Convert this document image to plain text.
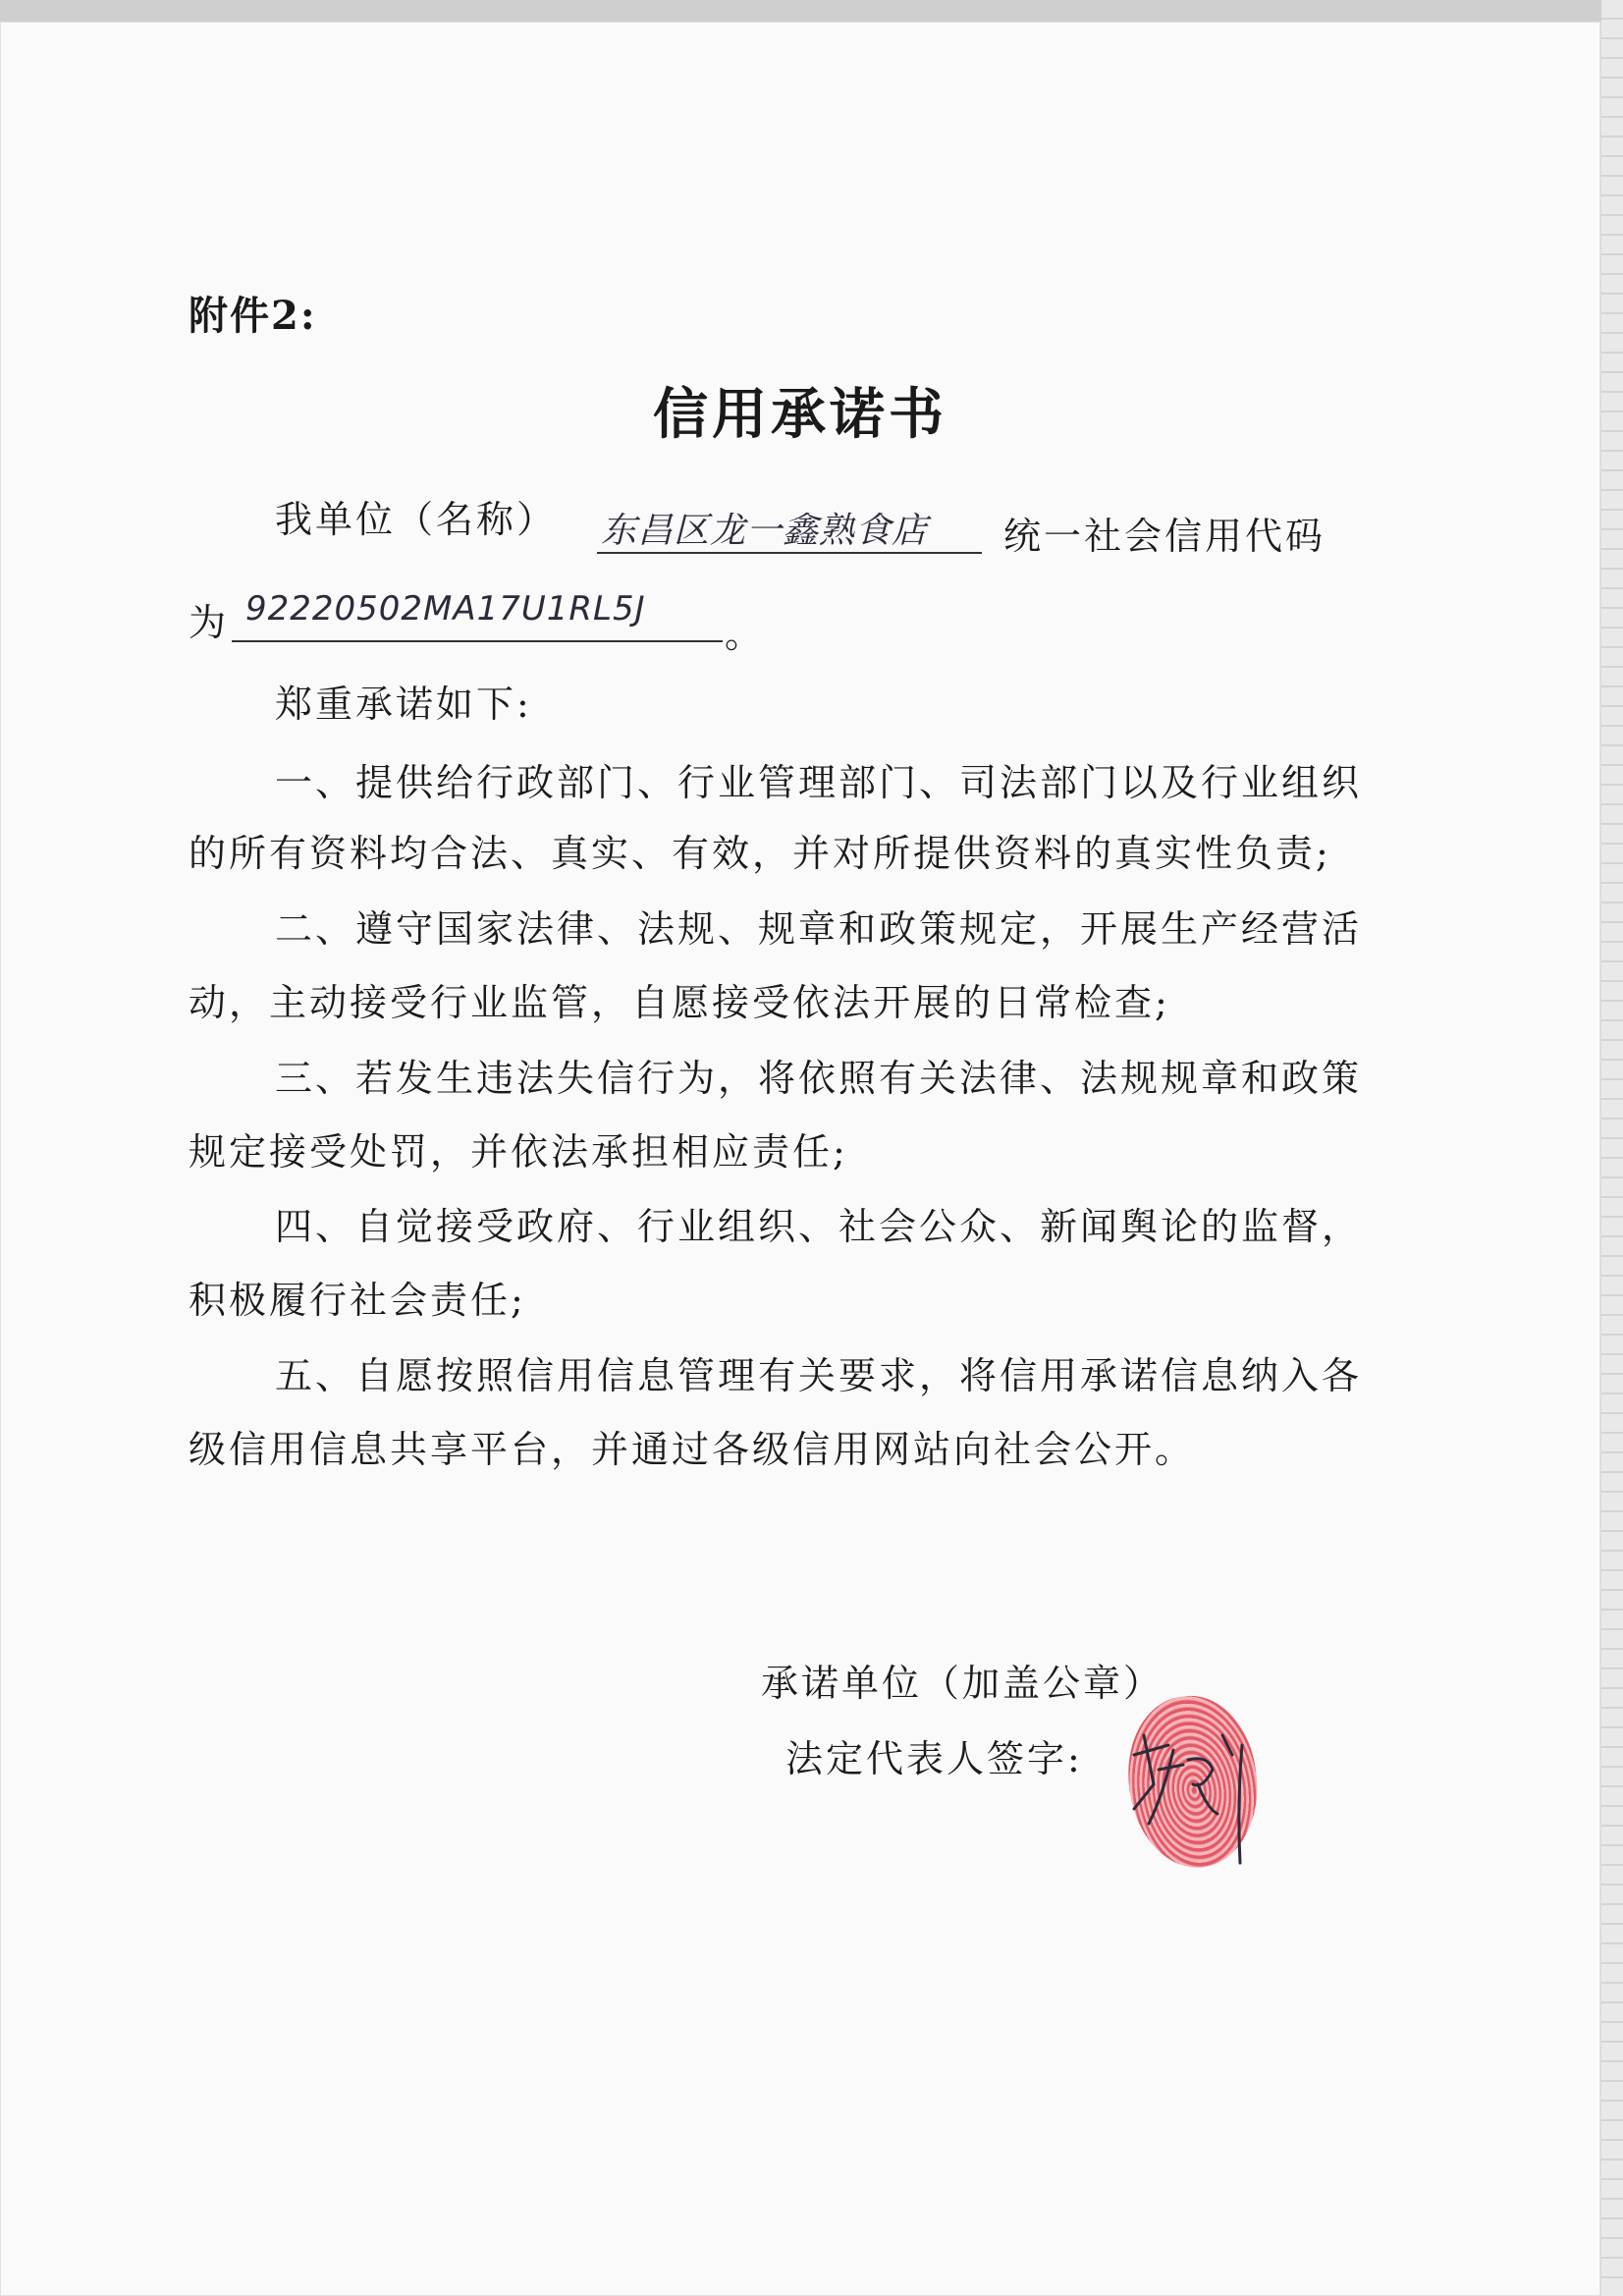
附件2:
信用承诺书
我单位（名称） 东昌区龙一鑫熟食店 统一社会信用代码
为 92220502MA17U1RL5J
。
郑重承诺如下:
一、提供给行政部门、行业管理部门、司法部门以及行业组织
的所有资料均合法、真实、有效，并对所提供资料的真实性负责;
二、遵守国家法律、法规、规章和政策规定，开展生产经营活
动，主动接受行业监管，自愿接受依法开展的日常检查;
三、若发生违法失信行为，将依照有关法律、法规规章和政策
规定接受处罚，并依法承担相应责任;
四、自觉接受政府、行业组织、社会公众、新闻舆论的监督，
积极履行社会责任;
五、自愿按照信用信息管理有关要求，将信用承诺信息纳入各
级信用信息共享平台，并通过各级信用网站向社会公开。
承诺单位（加盖公章）
法定代表人签字:
